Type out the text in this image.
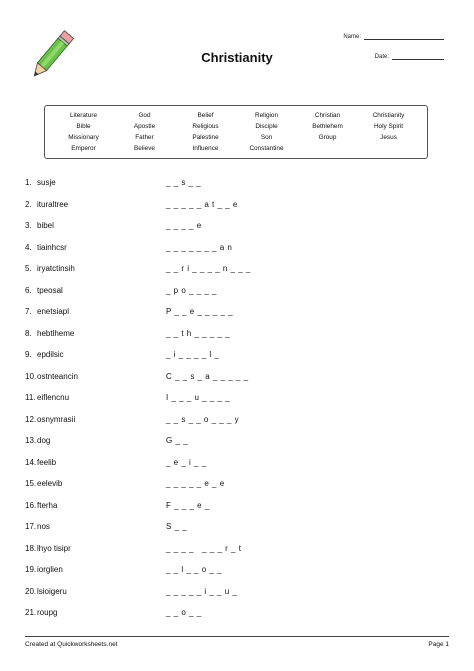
Christianity
Name:
Date:
Literature	God	Belief	Religion	Christian	Christianity
Bible	Apostle	Religious	Disciple	Bethlehem	Holy Spirit
Missionary	Father	Palestine	Son	Group	Jesus
Emperor	Believe	Influence	Constantine
1. susje	_ _ s _ _
2. ituraltree	_ _ _ _ _ a t _ _ e
3. bibel	_ _ _ _ e
4. tiainhcsr	_ _ _ _ _ _ _ a n
5. iryatctinsih	_ _ r i _ _ _ _ n _ _ _
6. tpeosal	_ p o _ _ _ _
7. enetsiapl	P _ _ e _ _ _ _ _
8. hebtlheme	_ _ t h _ _ _ _ _
9. epdilsic	_ i _ _ _ _ l _
10. ostnteancin	C _ _ s _ a _ _ _ _ _
11. eiflencnu	I _ _ _ u _ _ _ _
12. osnymrasii	_ _ s _ _ o _ _ _ y
13. dog	G _ _
14. feelib	_ e _ i _ _
15. eelevib	_ _ _ _ _ e _ e
16. fterha	F _ _ _ e _
17. nos	S _ _
18. lhyo tisipr	_ _ _ _   _ _ _ r _ t
19. iorglien	_ _ l _ _ o _ _
20. lsioigeru	_ _ _ _ _ i _ _ u _
21. roupg	_ _ o _ _
Created at Quickworksheets.net	Page 1
